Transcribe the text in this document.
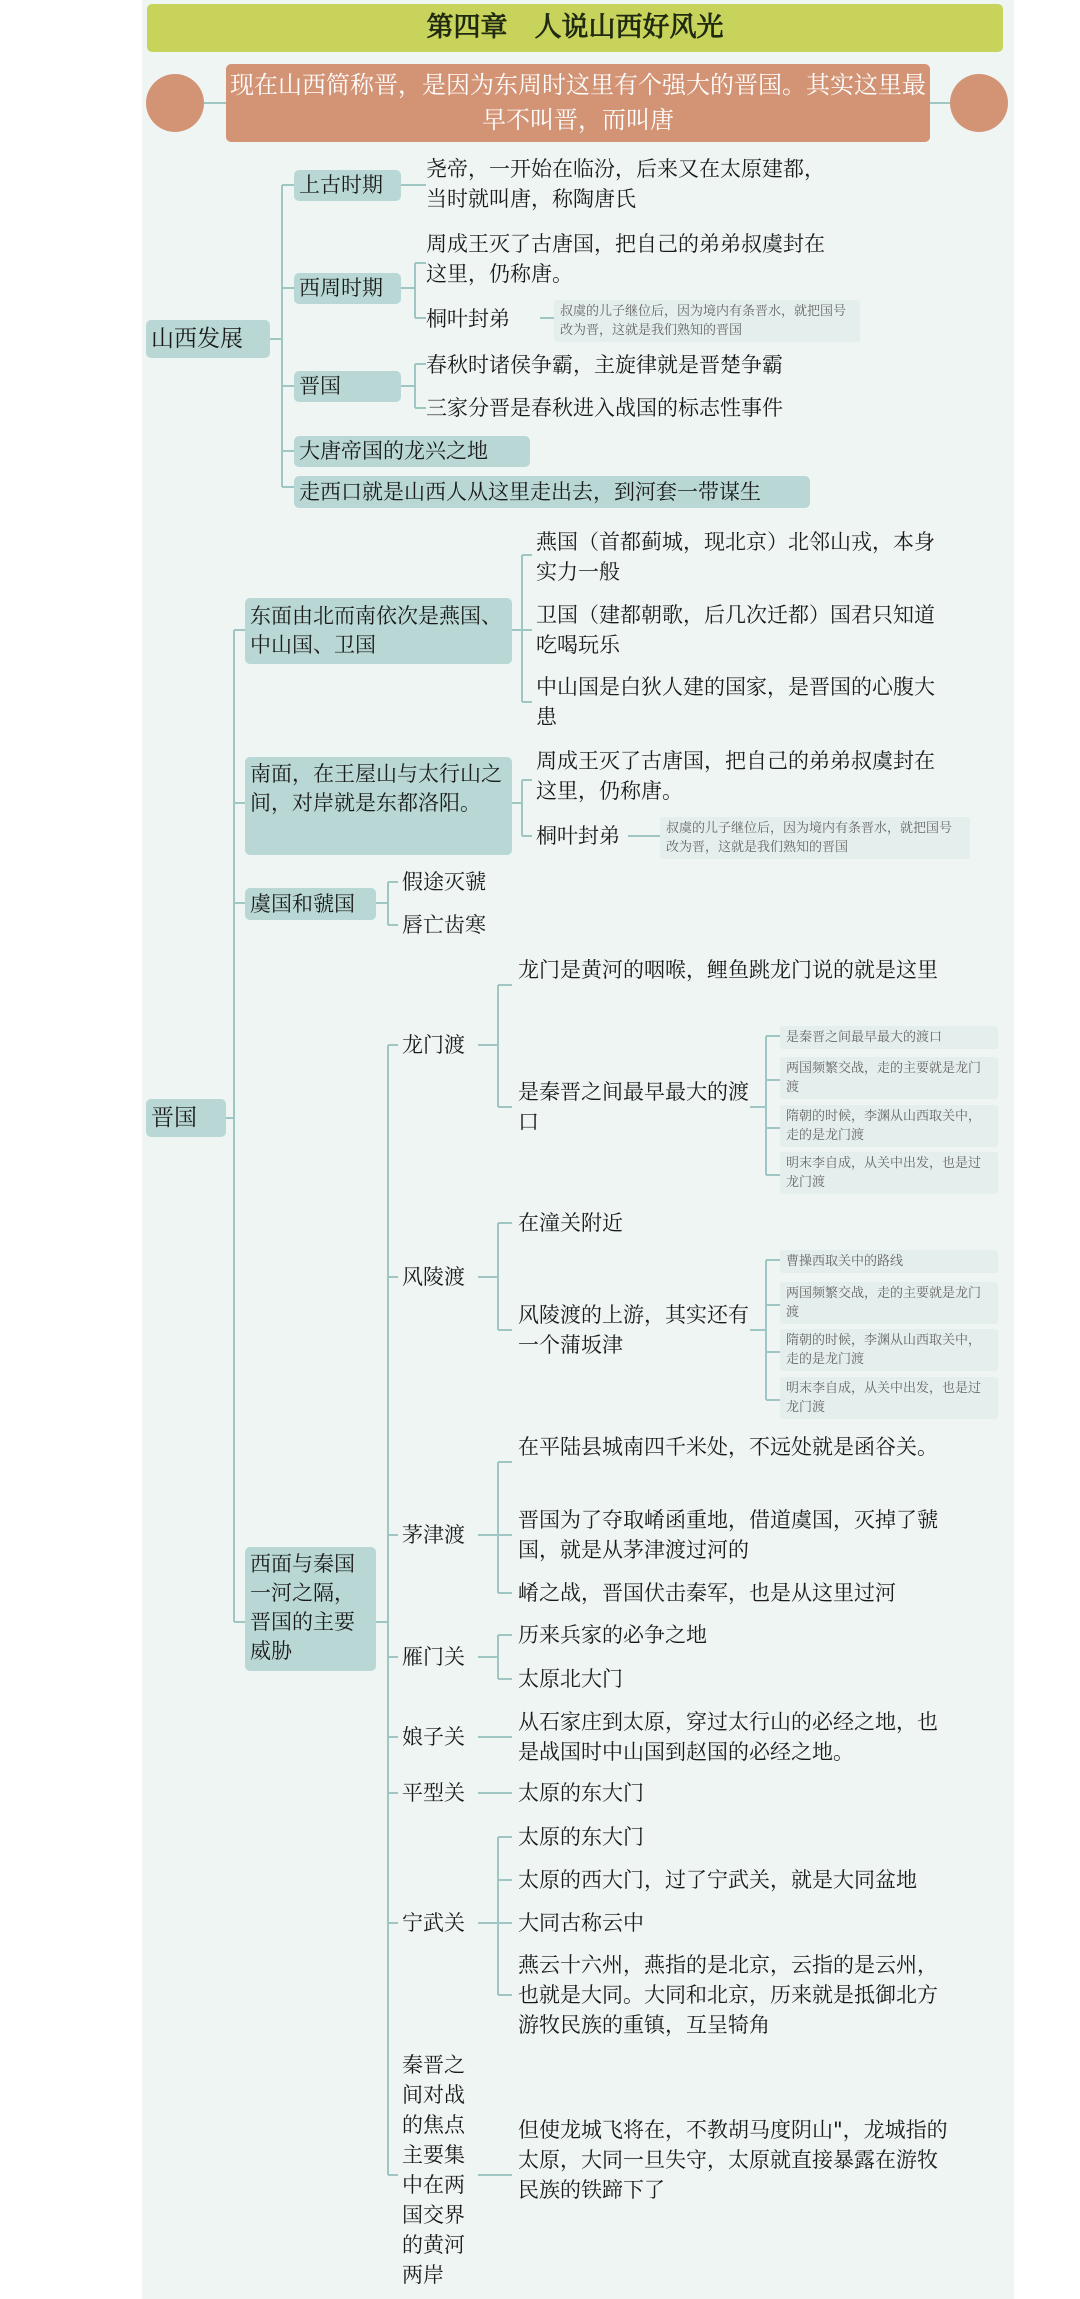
第四章　人说山西好风光
现在山西简称晋，是因为东周时这里有个强大的晋国。其实这里最早不叫晋，而叫唐
山西发展
上古时期
尧帝，一开始在临汾，后来又在太原建都，当时就叫唐，称陶唐氏
西周时期
周成王灭了古唐国，把自己的弟弟叔虞封在这里，仍称唐。
桐叶封弟	叔虞的儿子继位后，因为境内有条晋水，就把国号改为晋，这就是我们熟知的晋国
晋国
春秋时诸侯争霸，主旋律就是晋楚争霸
三家分晋是春秋进入战国的标志性事件
大唐帝国的龙兴之地
走西口就是山西人从这里走出去，到河套一带谋生
晋国
东面由北而南依次是燕国、中山国、卫国
燕国（首都蓟城，现北京）北邻山戎，本身实力一般
卫国（建都朝歌，后几次迁都）国君只知道吃喝玩乐
中山国是白狄人建的国家，是晋国的心腹大患
南面，在王屋山与太行山之间，对岸就是东都洛阳。
周成王灭了古唐国，把自己的弟弟叔虞封在这里，仍称唐。
桐叶封弟	叔虞的儿子继位后，因为境内有条晋水，就把国号改为晋，这就是我们熟知的晋国
虞国和虢国
假途灭虢
唇亡齿寒
西面与秦国一河之隔，晋国的主要威胁
龙门渡
龙门是黄河的咽喉，鲤鱼跳龙门说的就是这里
是秦晋之间最早最大的渡口
是秦晋之间最早最大的渡口
两国频繁交战，走的主要就是龙门渡
隋朝的时候，李渊从山西取关中，走的是龙门渡
明末李自成，从关中出发，也是过龙门渡
风陵渡
在潼关附近
风陵渡的上游，其实还有一个蒲坂津
曹操西取关中的路线
两国频繁交战，走的主要就是龙门渡
隋朝的时候，李渊从山西取关中，走的是龙门渡
明末李自成，从关中出发，也是过龙门渡
茅津渡
在平陆县城南四千米处，不远处就是函谷关。
晋国为了夺取崤函重地，借道虞国，灭掉了虢国，就是从茅津渡过河的
崤之战，晋国伏击秦军，也是从这里过河
雁门关
历来兵家的必争之地
太原北大门
娘子关
从石家庄到太原，穿过太行山的必经之地，也是战国时中山国到赵国的必经之地。
平型关	太原的东大门
宁武关
太原的东大门
太原的西大门，过了宁武关，就是大同盆地
大同古称云中
燕云十六州，燕指的是北京，云指的是云州，也就是大同。大同和北京，历来就是抵御北方游牧民族的重镇，互呈犄角
秦晋之间对战的焦点主要集中在两国交界的黄河两岸
但使龙城飞将在，不教胡马度阴山"，龙城指的太原，大同一旦失守，太原就直接暴露在游牧民族的铁蹄下了
